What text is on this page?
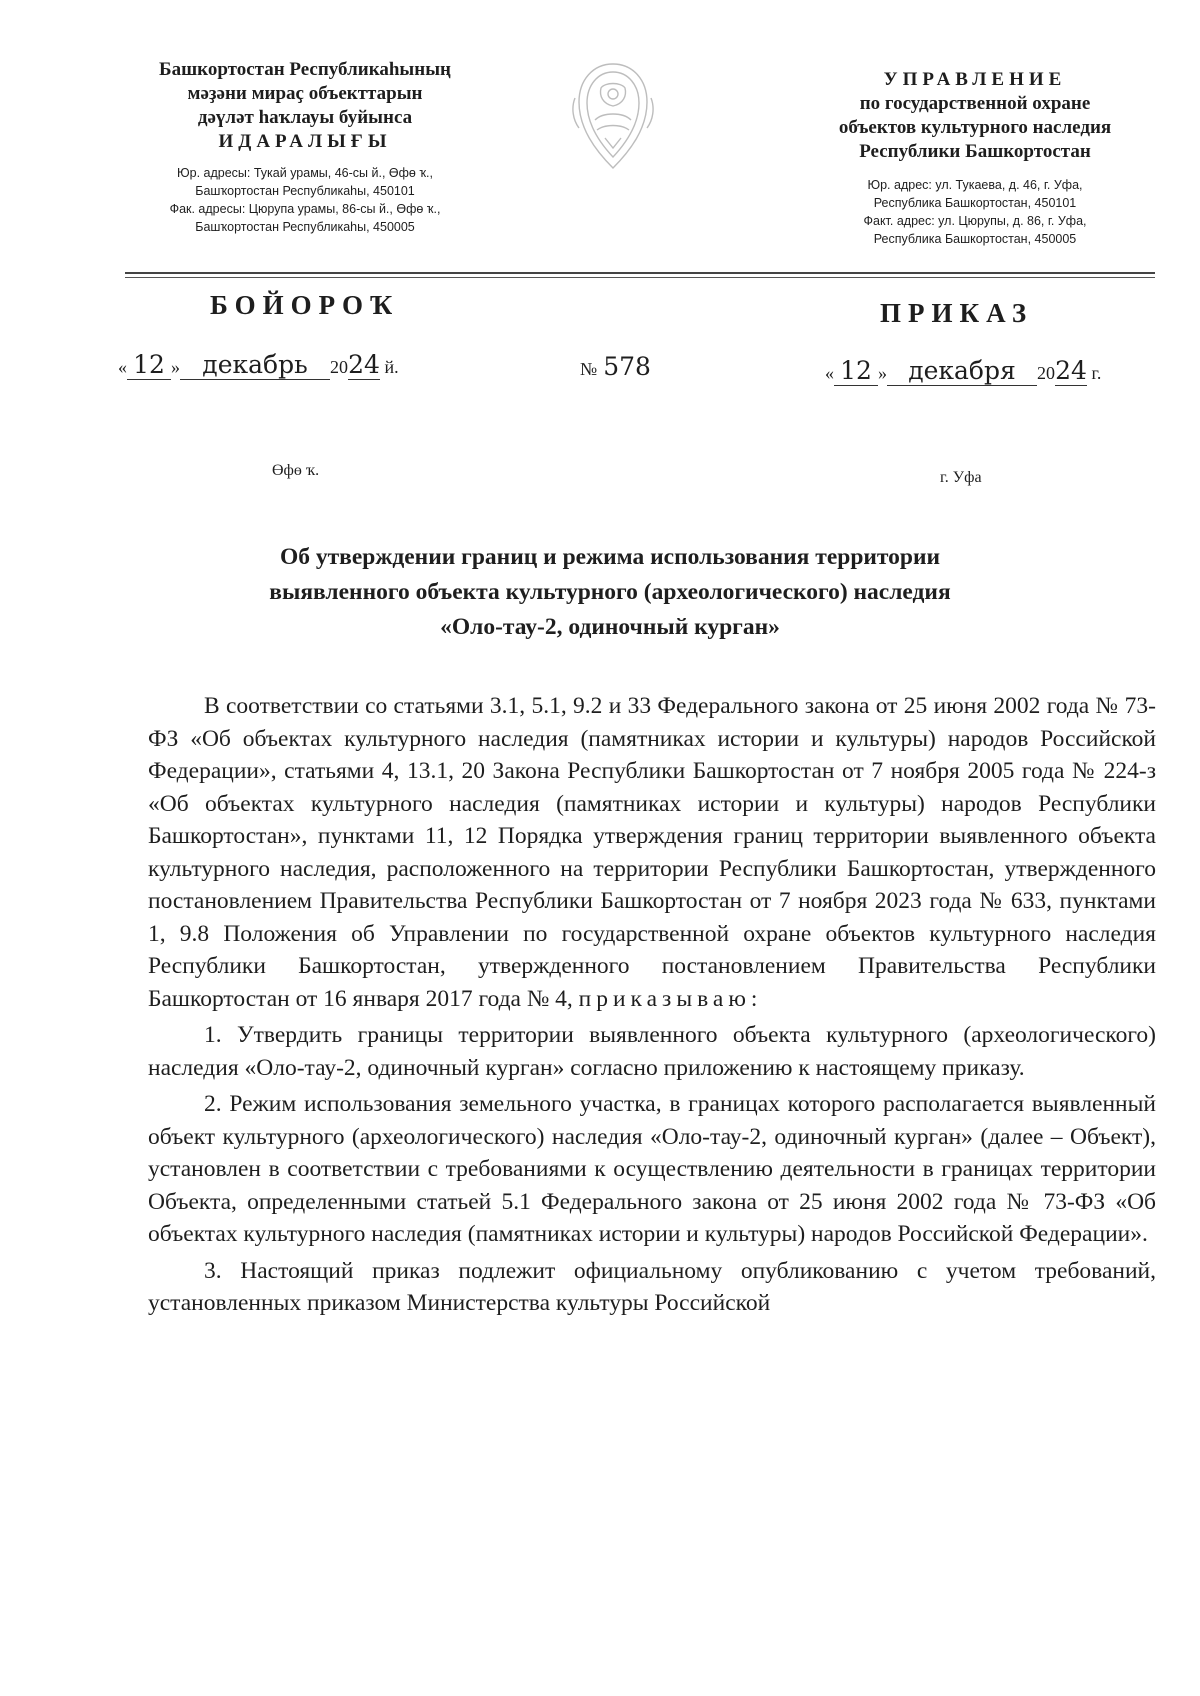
Башкортостан Республикаһының
мәҙәни мираҫ объекттарын
дәүләт һаҡлауы буйынса
ИДАРАЛЫҒЫ
Юр. адресы: Тукай урамы, 46-сы й., Өфө ҡ.,
Башҡортостан Республикаһы, 450101
Фак. адресы: Цюрупа урамы, 86-сы й., Өфө ҡ.,
Башҡортостан Республикаһы, 450005
УПРАВЛЕНИЕ
по государственной охране
объектов культурного наследия
Республики Башкортостан
Юр. адрес: ул. Тукаева, д. 46, г. Уфа,
Республика Башкортостан, 450101
Факт. адрес: ул. Цюрупы, д. 86, г. Уфа,
Республика Башкортостан, 450005
БОЙОРОҠ	ПРИКАЗ
« 12 » декабрь 2024 й.	№ 578	« 12 » декабря 2024 г.
Өфө ҡ.	г. Уфа
Об утверждении границ и режима использования территории
выявленного объекта культурного (археологического) наследия
«Оло-тау-2, одиночный курган»

В соответствии со статьями 3.1, 5.1, 9.2 и 33 Федерального закона от 25 июня 2002 года № 73-ФЗ «Об объектах культурного наследия (памятниках истории и культуры) народов Российской Федерации», статьями 4, 13.1, 20 Закона Республики Башкортостан от 7 ноября 2005 года № 224-з «Об объектах культурного наследия (памятниках истории и культуры) народов Республики Башкортостан», пунктами 11, 12 Порядка утверждения границ территории выявленного объекта культурного наследия, расположенного на территории Республики Башкортостан, утвержденного постановлением Правительства Республики Башкортостан от 7 ноября 2023 года № 633, пунктами 1, 9.8 Положения об Управлении по государственной охране объектов культурного наследия Республики Башкортостан, утвержденного постановлением Правительства Республики Башкортостан от 16 января 2017 года № 4, приказываю:

1. Утвердить границы территории выявленного объекта культурного (археологического) наследия «Оло-тау-2, одиночный курган» согласно приложению к настоящему приказу.

2. Режим использования земельного участка, в границах которого располагается выявленный объект культурного (археологического) наследия «Оло-тау-2, одиночный курган» (далее – Объект), установлен в соответствии с требованиями к осуществлению деятельности в границах территории Объекта, определенными статьей 5.1 Федерального закона от 25 июня 2002 года № 73-ФЗ «Об объектах культурного наследия (памятниках истории и культуры) народов Российской Федерации».

3. Настоящий приказ подлежит официальному опубликованию с учетом требований, установленных приказом Министерства культуры Российской
